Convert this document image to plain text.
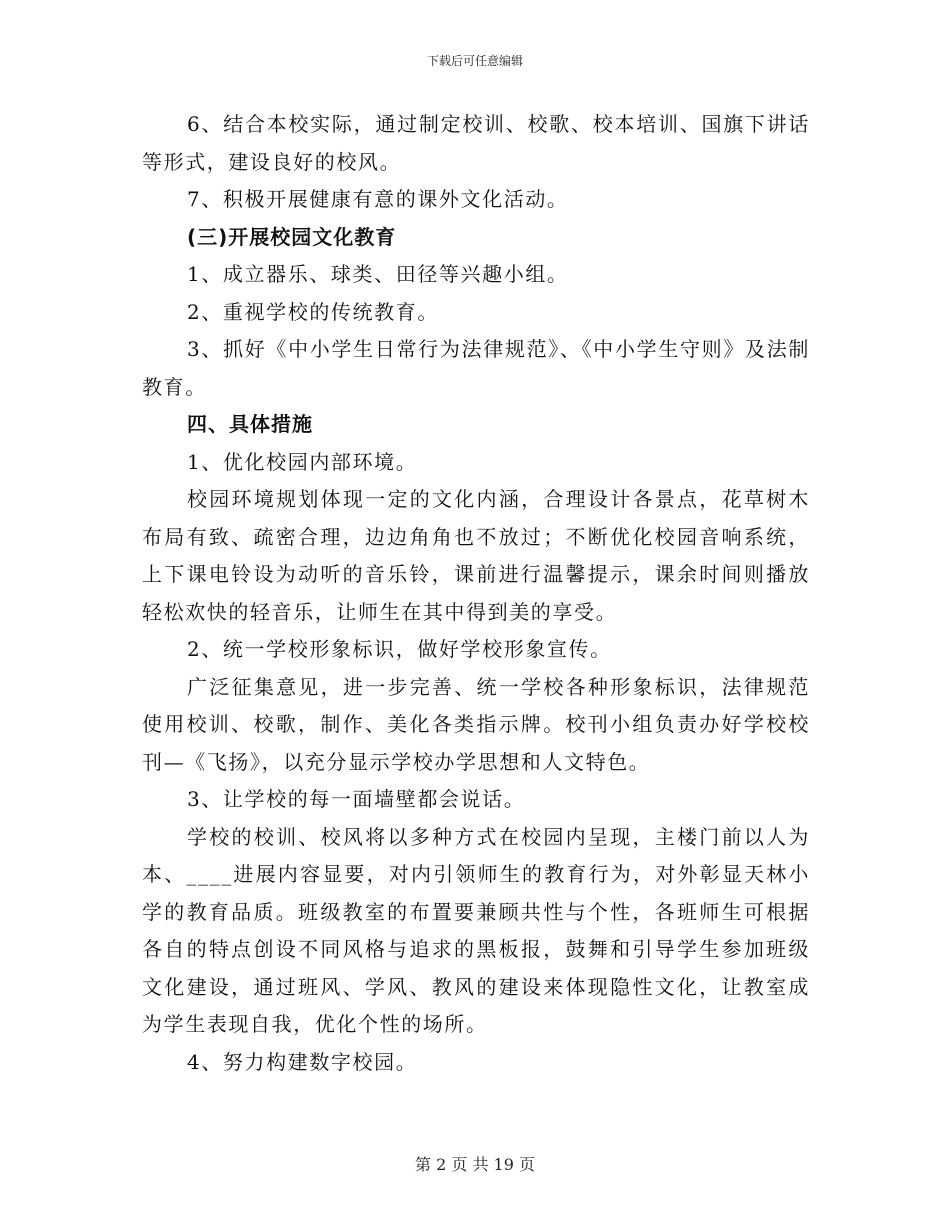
下载后可任意编辑

6、结合本校实际，通过制定校训、校歌、校本培训、国旗下讲话等形式，建设良好的校风。

7、积极开展健康有意的课外文化活动。

(三)开展校园文化教育

1、成立器乐、球类、田径等兴趣小组。

2、重视学校的传统教育。

3、抓好《中小学生日常行为法律规范》、《中小学生守则》及法制教育。

四、具体措施

1、优化校园内部环境。

校园环境规划体现一定的文化内涵，合理设计各景点，花草树木布局有致、疏密合理，边边角角也不放过；不断优化校园音响系统，上下课电铃设为动听的音乐铃，课前进行温馨提示，课余时间则播放轻松欢快的轻音乐，让师生在其中得到美的享受。

2、统一学校形象标识，做好学校形象宣传。

广泛征集意见，进一步完善、统一学校各种形象标识，法律规范使用校训、校歌，制作、美化各类指示牌。校刊小组负责办好学校校刊—《飞扬》，以充分显示学校办学思想和人文特色。

3、让学校的每一面墙壁都会说话。

学校的校训、校风将以多种方式在校园内呈现，主楼门前以人为本、____进展内容显要，对内引领师生的教育行为，对外彰显天林小学的教育品质。班级教室的布置要兼顾共性与个性，各班师生可根据各自的特点创设不同风格与追求的黑板报，鼓舞和引导学生参加班级文化建设，通过班风、学风、教风的建设来体现隐性文化，让教室成为学生表现自我，优化个性的场所。

4、努力构建数字校园。

第 2 页 共 19 页
